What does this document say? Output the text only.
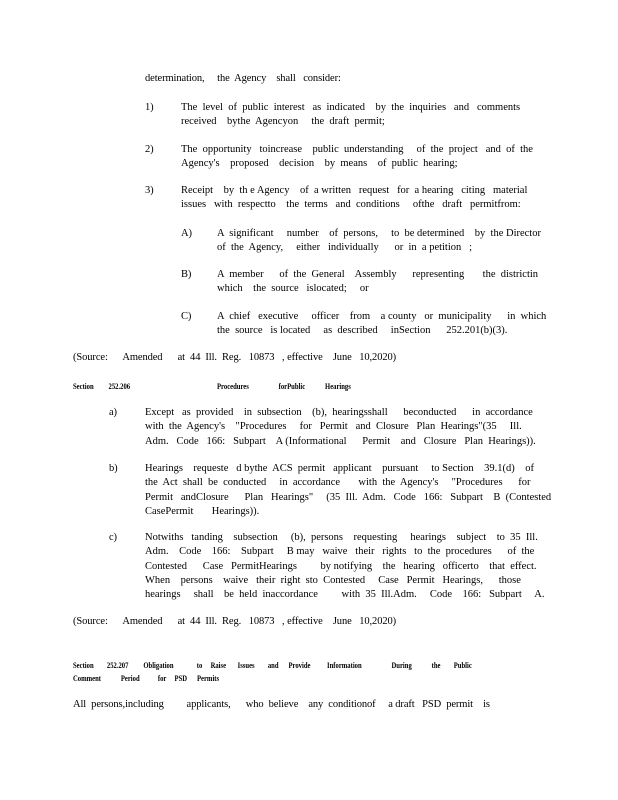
determination,     the  Agency    shall   consider:
1)	The  level  of  public  interest   as  indicated    by  the  inquiries   and   comments
received    bythe  Agencyon     the  draft  permit;
2)	The  opportunity   toincrease    public  understanding     of  the  project   and  of  the
Agency's    proposed    decision    by  means    of  public  hearing;
3)	Receipt    by  th e Agency    of  a written   request   for  a hearing   citing   material
issues   with  respectto    the  terms   and  conditions     ofthe   draft   permitfrom:
A) A  significant     number    of  persons,     to  be determined    by  the Director
of  the  Agency,     either   individually      or  in  a petition   ;
B) A  member      of  the  General    Assembly      representing       the  districtin
which    the  source   islocated;     or
C) A  chief   executive     officer    from    a county   or  municipality      in  which
the  source   is located     as  described     inSection      252.201(b)(3).
(Source:      Amended      at  44  Ill.  Reg.   10873   , effective    June   10,2020)
Section         252.206	Procedures                  forPublic            Hearings
a)	Except   as  provided    in  subsection    (b),  hearingsshall      beconducted      in  accordance
with  the  Agency's    "Procedures     for   Permit   and  Closure   Plan  Hearings"(35     Ill.
Adm.   Code   166:   Subpart    A (Informational      Permit    and   Closure   Plan  Hearings)).
b)	Hearings    requeste   d bythe  ACS  permit   applicant    pursuant     to Section    39.1(d)    of
the  Act  shall  be  conducted     in  accordance       with  the  Agency's     "Procedures      for
Permit   andClosure      Plan   Hearings"     (35  Ill.  Adm.   Code   166:   Subpart    B  (Contested
CasePermit       Hearings)).
c)	Notwiths   tanding    subsection     (b),  persons    requesting     hearings    subject    to  35  Ill.
Adm.    Code    166:    Subpart     B may   waive   their   rights   to  the  procedures      of  the
Contested      Case   PermitHearings         by notifying    the   hearing   officerto    that  effect.
When    persons    waive   their  right  sto  Contested     Case   Permit   Hearings,      those
hearings     shall    be  held  inaccordance         with  35  Ill.Adm.     Code    166:   Subpart     A.
(Source:      Amended      at  44  Ill.  Reg.   10873   , effective    June   10,2020)
Section        252.207         Obligation              to     Raise       Issues        and      Provide          Information                  During            the        Public
Comment            Period           for     PSD      Permits
All  persons,including         applicants,      who  believe    any  conditionof     a draft   PSD  permit    is
